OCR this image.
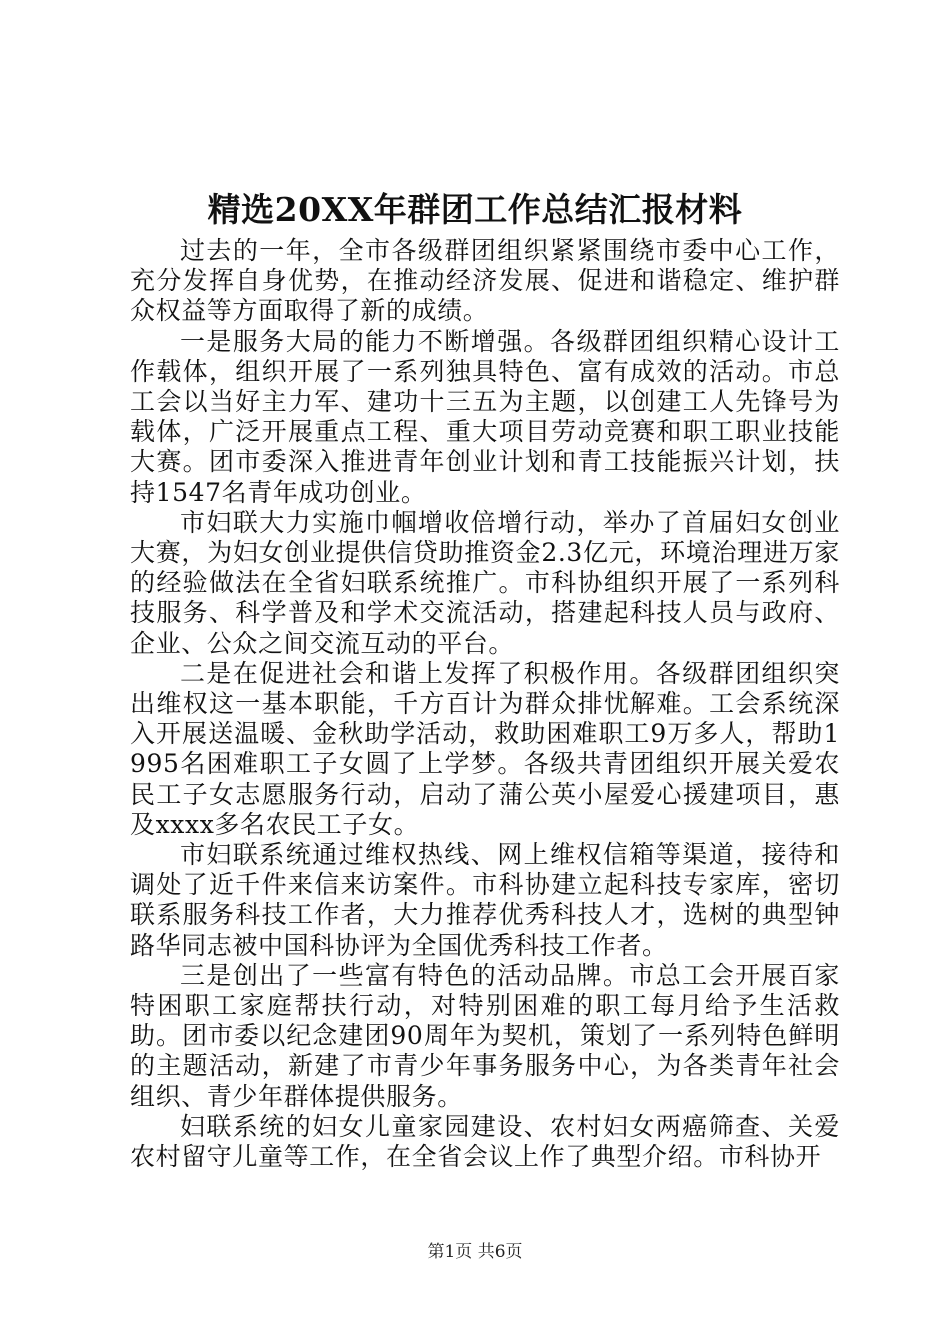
精选20XX年群团工作总结汇报材料

过去的一年，全市各级群团组织紧紧围绕市委中心工作，充分发挥自身优势，在推动经济发展、促进和谐稳定、维护群众权益等方面取得了新的成绩。

一是服务大局的能力不断增强。各级群团组织精心设计工作载体，组织开展了一系列独具特色、富有成效的活动。市总工会以当好主力军、建功十三五为主题，以创建工人先锋号为载体，广泛开展重点工程、重大项目劳动竞赛和职工职业技能大赛。团市委深入推进青年创业计划和青工技能振兴计划，扶持1547名青年成功创业。

市妇联大力实施巾帼增收倍增行动，举办了首届妇女创业大赛，为妇女创业提供信贷助推资金2.3亿元，环境治理进万家的经验做法在全省妇联系统推广。市科协组织开展了一系列科技服务、科学普及和学术交流活动，搭建起科技人员与政府、企业、公众之间交流互动的平台。

二是在促进社会和谐上发挥了积极作用。各级群团组织突出维权这一基本职能，千方百计为群众排忧解难。工会系统深入开展送温暖、金秋助学活动，救助困难职工9万多人，帮助1995名困难职工子女圆了上学梦。各级共青团组织开展关爱农民工子女志愿服务行动，启动了蒲公英小屋爱心援建项目，惠及xxxx多名农民工子女。

市妇联系统通过维权热线、网上维权信箱等渠道，接待和调处了近千件来信来访案件。市科协建立起科技专家库，密切联系服务科技工作者，大力推荐优秀科技人才，选树的典型钟路华同志被中国科协评为全国优秀科技工作者。

三是创出了一些富有特色的活动品牌。市总工会开展百家特困职工家庭帮扶行动，对特别困难的职工每月给予生活救助。团市委以纪念建团90周年为契机，策划了一系列特色鲜明的主题活动，新建了市青少年事务服务中心，为各类青年社会组织、青少年群体提供服务。

妇联系统的妇女儿童家园建设、农村妇女两癌筛查、关爱农村留守儿童等工作，在全省会议上作了典型介绍。市科协开

第1页 共6页
